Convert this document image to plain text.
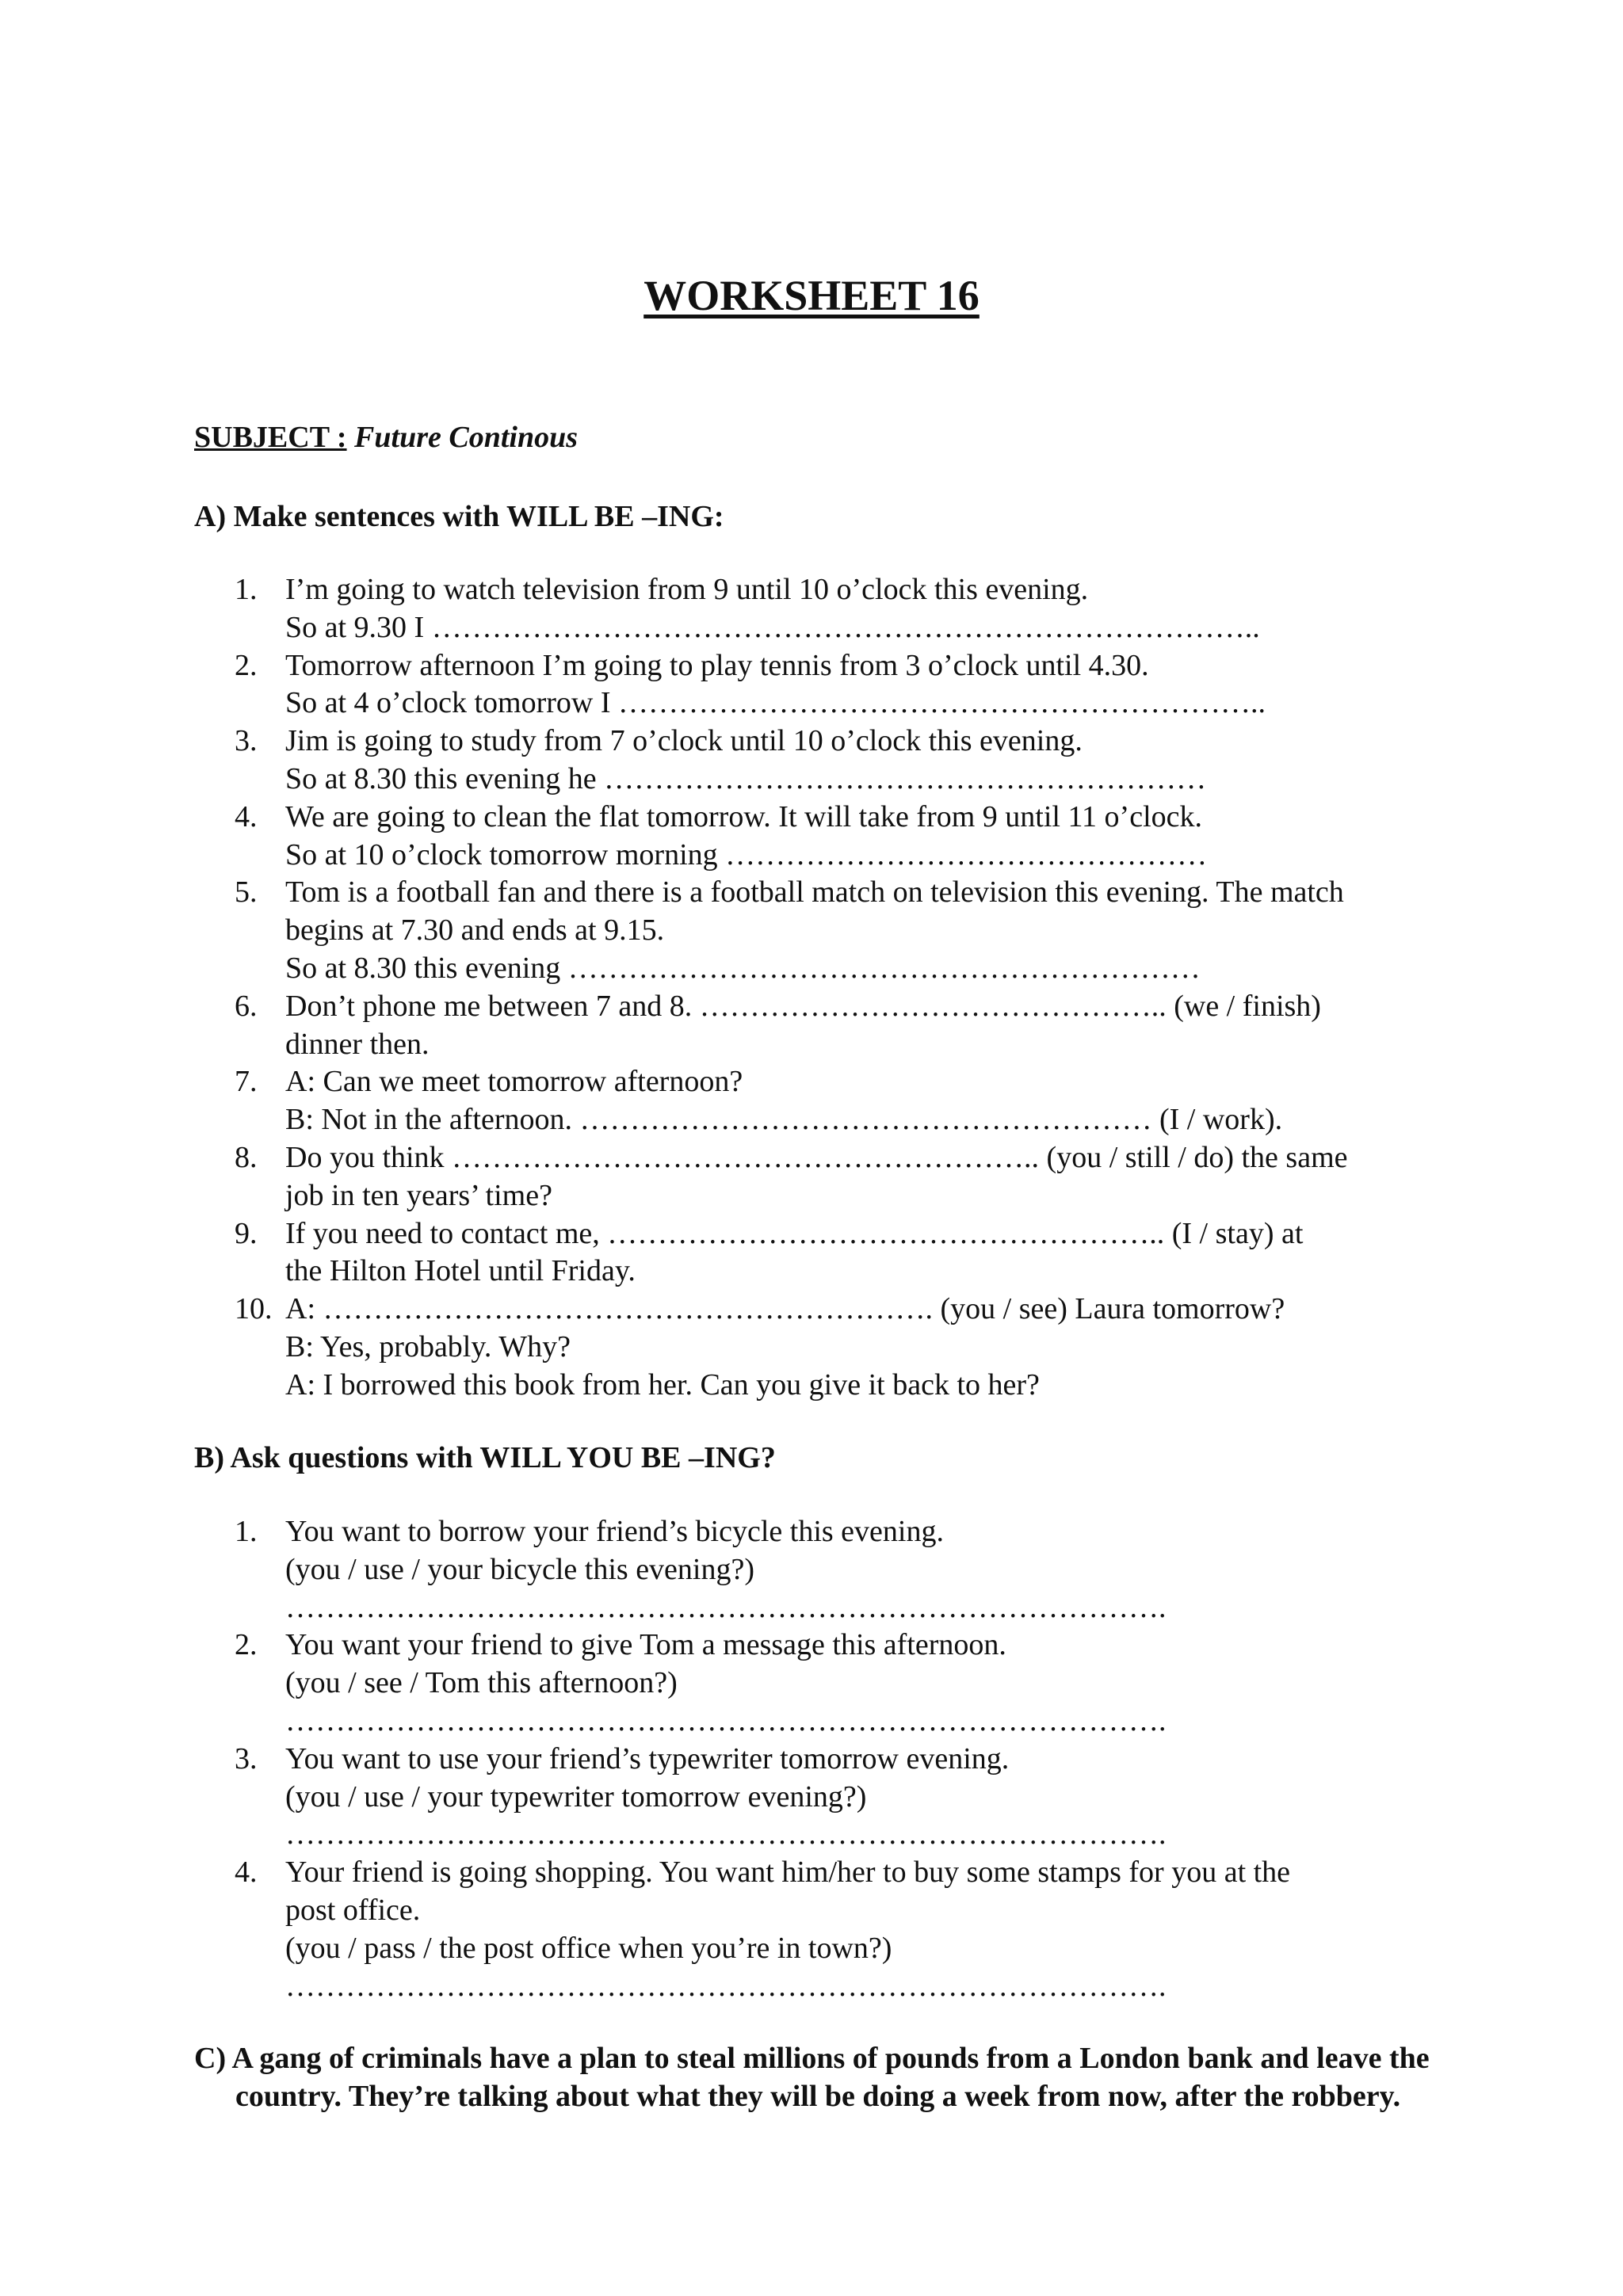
WORKSHEET 16
SUBJECT : Future Continous
A) Make sentences with WILL BE –ING:
1. I’m going to watch television from 9 until 10 o’clock this evening.
So at 9.30 I ………………………………………………………………………..
2. Tomorrow afternoon I’m going to play tennis from 3 o’clock until 4.30.
So at 4 o’clock tomorrow I ………………………………………………………..
3. Jim is going to study from 7 o’clock until 10 o’clock this evening.
So at 8.30 this evening he ……………………………………………………
4. We are going to clean the flat tomorrow. It will take from 9 until 11 o’clock.
So at 10 o’clock tomorrow morning …………………………………………
5. Tom is a football fan and there is a football match on television this evening. The match
begins at 7.30 and ends at 9.15.
So at 8.30 this evening ………………………………………………………
6. Don’t phone me between 7 and 8. ……………………………………….. (we / finish)
dinner then.
7. A: Can we meet tomorrow afternoon?
B: Not in the afternoon. ………………………………………………… (I / work).
8. Do you think ………………………………………………….. (you / still / do) the same
job in ten years’ time?
9. If you need to contact me, ……………………………………………….. (I / stay) at
the Hilton Hotel until Friday.
10. A: ……………………………………………………. (you / see) Laura tomorrow?
B: Yes, probably. Why?
A: I borrowed this book from her. Can you give it back to her?
B) Ask questions with WILL YOU BE –ING?
1. You want to borrow your friend’s bicycle this evening.
(you / use / your bicycle this evening?)
…………………………………………………………………………….
2. You want your friend to give Tom a message this afternoon.
(you / see / Tom this afternoon?)
…………………………………………………………………………….
3. You want to use your friend’s typewriter tomorrow evening.
(you / use / your typewriter tomorrow evening?)
…………………………………………………………………………….
4. Your friend is going shopping. You want him/her to buy some stamps for you at the
post office.
(you / pass / the post office when you’re in town?)
…………………………………………………………………………….
C) A gang of criminals have a plan to steal millions of pounds from a London bank and leave the country. They’re talking about what they will be doing a week from now, after the robbery.
